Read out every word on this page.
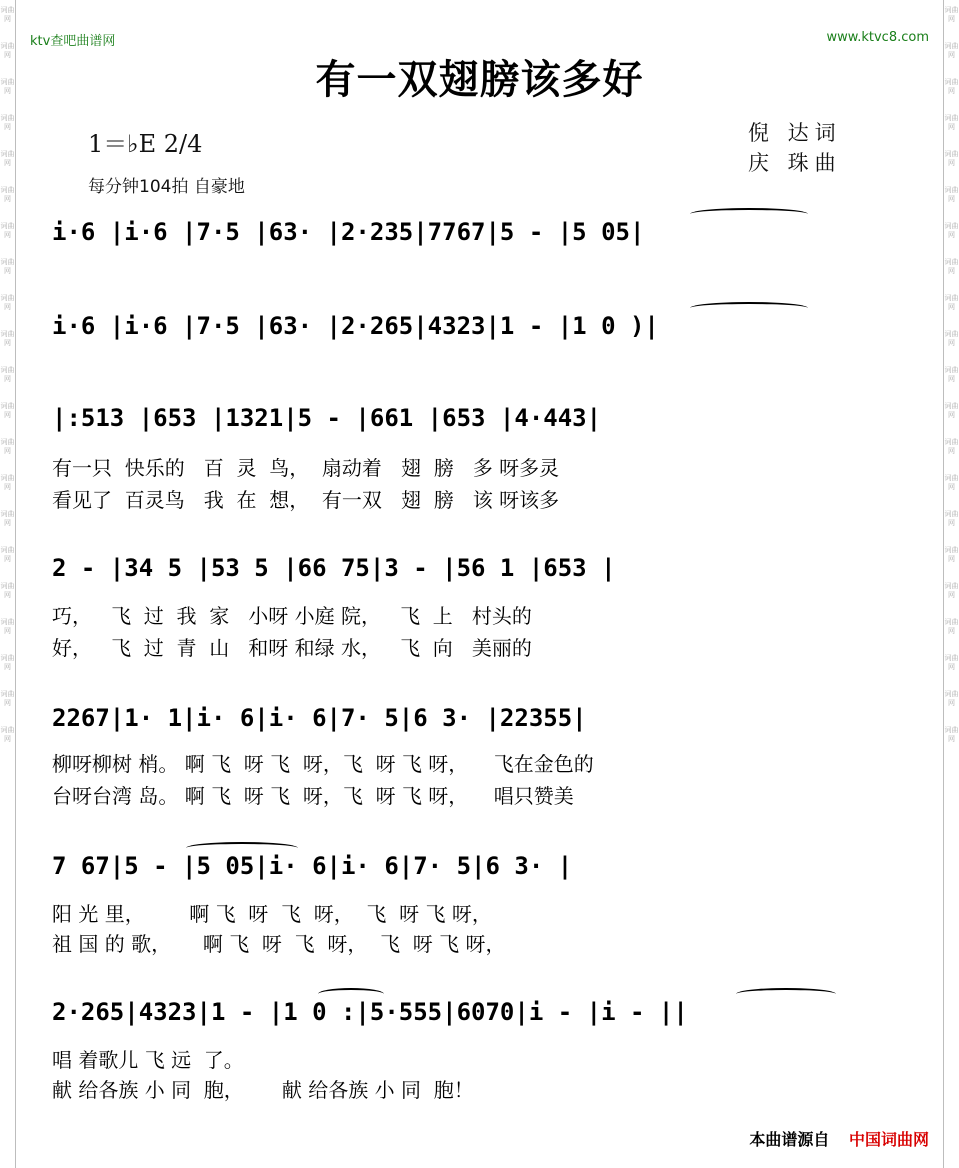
词曲网
词曲网
词曲网
词曲网
词曲网
词曲网
词曲网
词曲网
词曲网
词曲网
词曲网
词曲网
词曲网
词曲网
词曲网
词曲网
词曲网
词曲网
词曲网
词曲网
词曲网
词曲网
词曲网
词曲网
词曲网
词曲网
词曲网
词曲网
词曲网
词曲网
词曲网
词曲网
词曲网
词曲网
词曲网
词曲网
词曲网
词曲网
词曲网
词曲网
词曲网
词曲网
ktv查吧曲谱网	www.ktvc8.com
有一双翅膀该多好
1＝♭E 2/4
每分钟104拍 自豪地
倪 达词
庆 珠曲
i·6 |i·6 |7·5 |63· |2·235|7767|5 - |5 05|
i·6 |i·6 |7·5 |63· |2·265|4323|1 - |1 0 )|
|:513 |653 |1321|5 - |661 |653 |4·443|
有一只  快乐的   百  灵  鸟，  扇动着   翅  膀   多 呀多灵
看见了  百灵鸟   我  在  想，  有一双   翅  膀   该 呀该多
2 - |34 5 |53 5 |66 75|3 - |56 1 |653 |
巧，   飞  过  我  家   小呀 小庭 院，   飞  上   村头的
好，   飞  过  青  山   和呀 和绿 水，   飞  向   美丽的
2267|1· 1|i· 6|i· 6|7· 5|6 3· |22355|
柳呀柳树 梢。 啊 飞  呀 飞  呀，飞  呀 飞 呀，    飞在金色的
台呀台湾 岛。 啊 飞  呀 飞  呀，飞  呀 飞 呀，    唱只赞美
7 67|5 - |5 05|i· 6|i· 6|7· 5|6 3· |
阳 光 里，       啊 飞  呀  飞  呀，  飞  呀 飞 呀，
祖 国 的 歌，     啊 飞  呀  飞  呀，  飞  呀 飞 呀，
2·265|4323|1 - |1 0 :|5·555|6070|i - |i - ||
唱 着歌儿 飞 远  了。
献 给各族 小 同  胞，      献 给各族 小 同  胞！
本曲谱源自 中国词曲网
